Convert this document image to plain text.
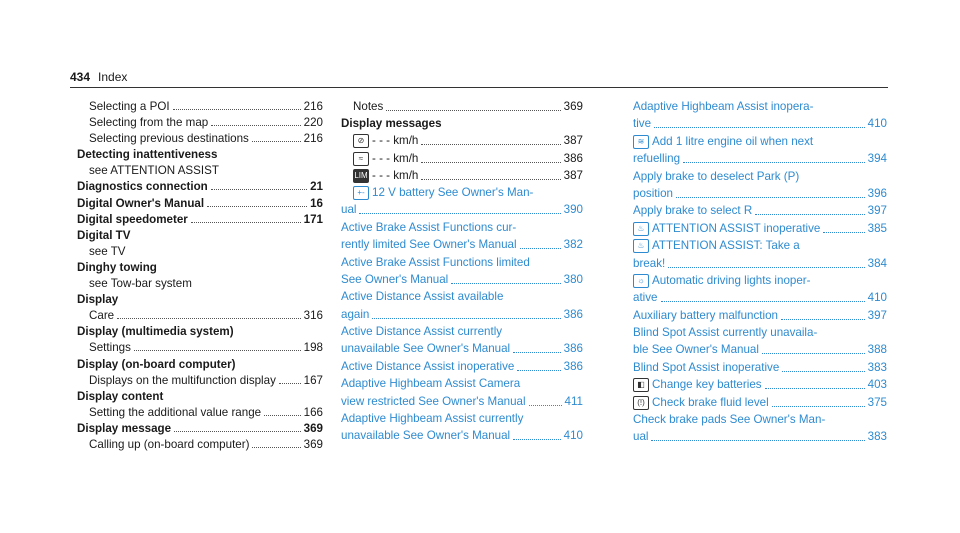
434 Index
Selecting a POI	216
Selecting from the map	220
Selecting previous destinations	216
Detecting inattentiveness
see ATTENTION ASSIST
Diagnostics connection	21
Digital Owner's Manual	16
Digital speedometer	171
Digital TV
see TV
Dinghy towing
see Tow-bar system
Display
Care	316
Display (multimedia system)
Settings	198
Display (on-board computer)
Displays on the multifunction display 167
Display content
Setting the additional value range	166
Display message	369
Calling up (on-board computer)	369
Notes	369
Display messages
⊘ - - - km/h	387
≈ - - - km/h	386
LIM - - - km/h	387
+- 12 V battery See Owner's Man-
ual	390
Active Brake Assist Functions cur-
rently limited See Owner's Manual	382
Active Brake Assist Functions limited
See Owner's Manual	380
Active Distance Assist available
again	386
Active Distance Assist currently
unavailable See Owner's Manual	386
Active Distance Assist inoperative	386
Adaptive Highbeam Assist Camera
view restricted See Owner's Manual	411
Adaptive Highbeam Assist currently
unavailable See Owner's Manual	410
Adaptive Highbeam Assist inopera-
tive	410
≋ Add 1 litre engine oil when next
refuelling	394
Apply brake to deselect Park (P)
position	396
Apply brake to select R	397
♨ ATTENTION ASSIST inoperative	385
♨ ATTENTION ASSIST: Take a
break!	384
☼ Automatic driving lights inoper-
ative	410
Auxiliary battery malfunction	397
Blind Spot Assist currently unavaila-
ble See Owner's Manual	388
Blind Spot Assist inoperative	383
◧ Change key batteries	403
(!) Check brake fluid level	375
Check brake pads See Owner's Man-
ual	383
